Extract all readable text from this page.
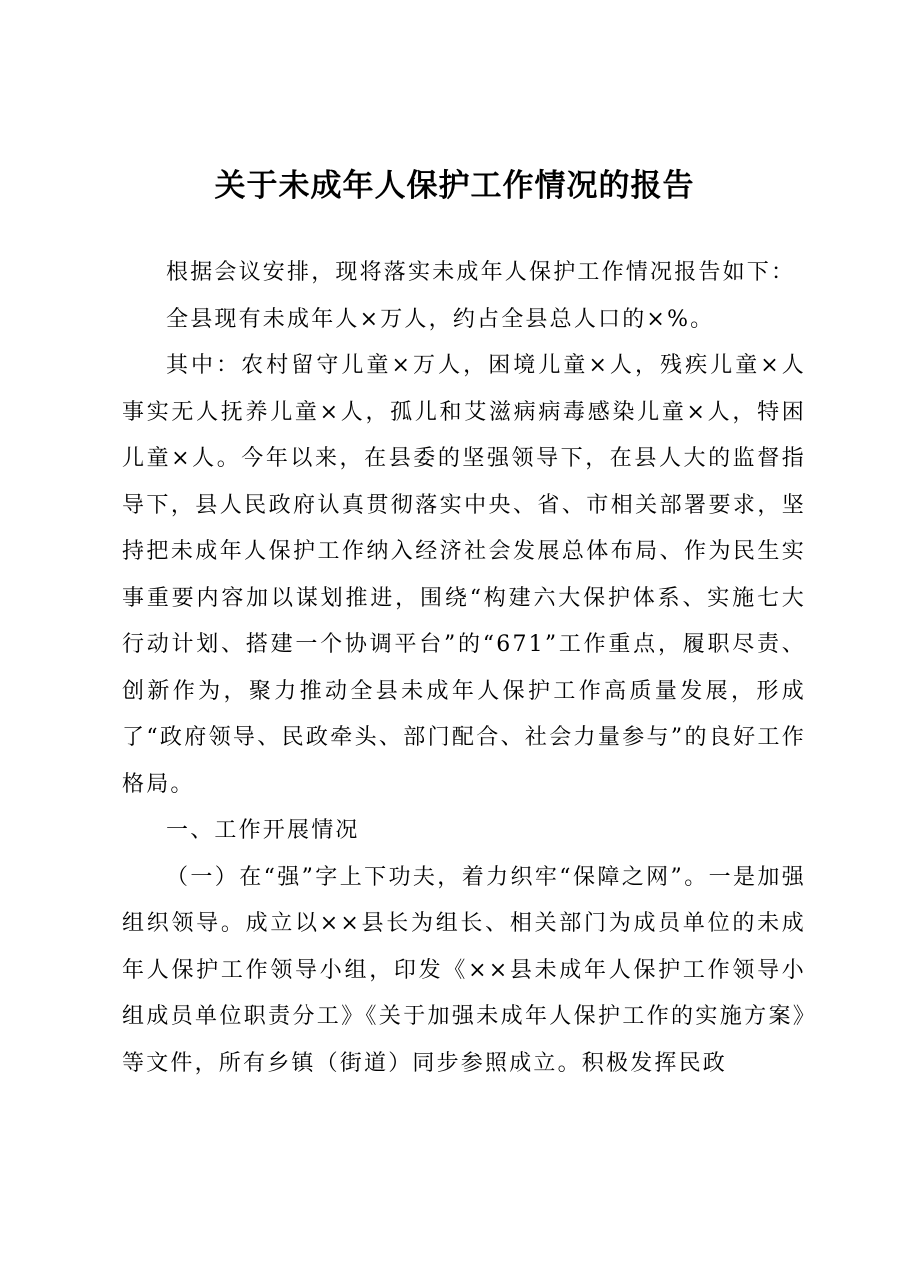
关于未成年人保护工作情况的报告

根据会议安排，现将落实未成年人保护工作情况报告如下：

全县现有未成年人×万人，约占全县总人口的×%。

其中：农村留守儿童×万人，困境儿童×人，残疾儿童×人事实无人抚养儿童×人，孤儿和艾滋病病毒感染儿童×人，特困儿童×人。今年以来，在县委的坚强领导下，在县人大的监督指导下，县人民政府认真贯彻落实中央、省、市相关部署要求，坚持把未成年人保护工作纳入经济社会发展总体布局、作为民生实事重要内容加以谋划推进，围绕“构建六大保护体系、实施七大行动计划、搭建一个协调平台”的“671”工作重点，履职尽责、创新作为，聚力推动全县未成年人保护工作高质量发展，形成了“政府领导、民政牵头、部门配合、社会力量参与”的良好工作格局。

一、工作开展情况

（一）在“强”字上下功夫，着力织牢“保障之网”。一是加强组织领导。成立以××县长为组长、相关部门为成员单位的未成年人保护工作领导小组，印发《××县未成年人保护工作领导小组成员单位职责分工》《关于加强未成年人保护工作的实施方案》等文件，所有乡镇（街道）同步参照成立。积极发挥民政
